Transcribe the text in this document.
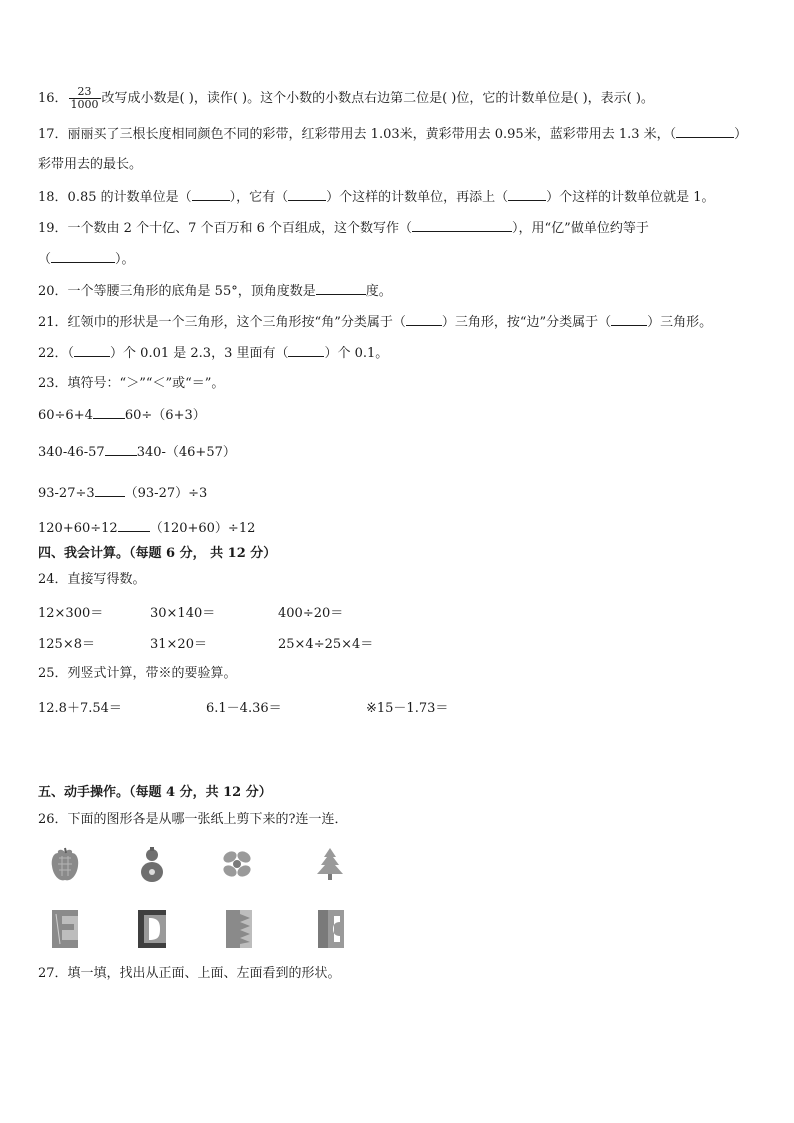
16． $\frac{23}{1000}$ 改写成小数是( )，读作( )。这个小数的小数点右边第二位是( )位，它的计数单位是( )，表示( )。
17．丽丽买了三根长度相同颜色不同的彩带，红彩带用去 1.03米，黄彩带用去 0.95米，蓝彩带用去 1.3 米，（	）
彩带用去的最长。
18．0.85 的计数单位是（	），它有（	）个这样的计数单位，再添上（	）个这样的计数单位就是 1。
19．一个数由 2 个十亿、7 个百万和 6 个百组成，这个数写作（	），用“亿”做单位约等于
（	）。
20．一个等腰三角形的底角是 55°，顶角度数是	度。
21．红领巾的形状是一个三角形，这个三角形按“角”分类属于（	）三角形，按“边”分类属于（	）三角形。
22．（	）个 0.01 是 2.3，3 里面有（	）个 0.1。
23．填符号：“＞”“＜”或“＝”。
60÷6+4 60÷（6+3）
340-46-57 340-（46+57）
93-27÷3 （93-27）÷3
120+60÷12 （120+60）÷12
四、我会计算。（每题 6 分， 共 12 分）
24．直接写得数。
12×300＝	30×140＝	400÷20＝
125×8＝	31×20＝	25×4÷25×4＝
25．列竖式计算，带※的要验算。
12.8＋7.54＝	6.1－4.36＝	※15－1.73＝
五、动手操作。（每题 4 分，共 12 分）
26．下面的图形各是从哪一张纸上剪下来的?连一连．
27．填一填，找出从正面、上面、左面看到的形状。
